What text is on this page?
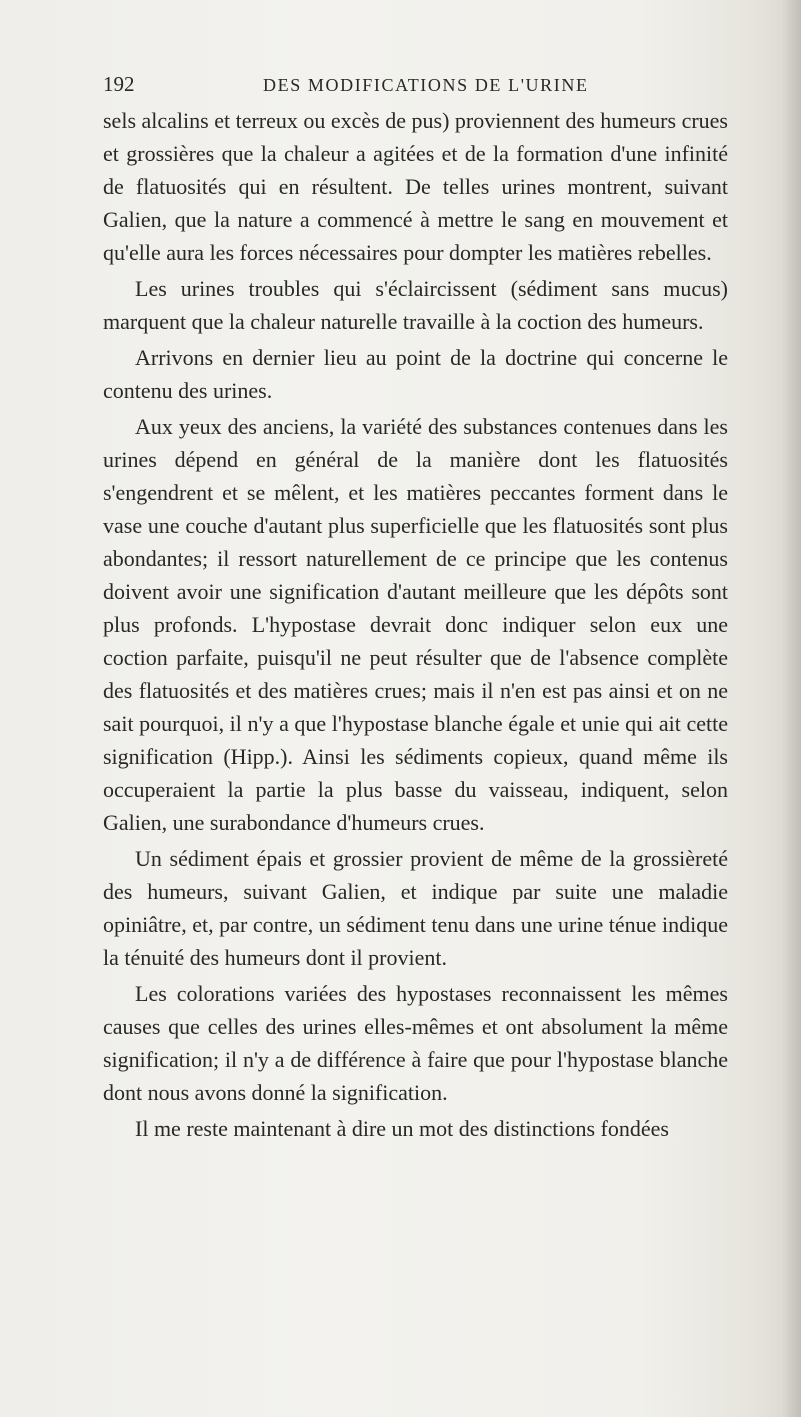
192	DES MODIFICATIONS DE L'URINE

sels alcalins et terreux ou excès de pus) proviennent des humeurs crues et grossières que la chaleur a agitées et de la formation d'une infinité de flatuosités qui en résultent. De telles urines montrent, suivant Galien, que la nature a commencé à mettre le sang en mouvement et qu'elle aura les forces nécessaires pour dompter les matières rebelles.

Les urines troubles qui s'éclaircissent (sédiment sans mucus) marquent que la chaleur naturelle travaille à la coction des humeurs.

Arrivons en dernier lieu au point de la doctrine qui concerne le contenu des urines.

Aux yeux des anciens, la variété des substances contenues dans les urines dépend en général de la manière dont les flatuosités s'engendrent et se mêlent, et les matières peccantes forment dans le vase une couche d'autant plus superficielle que les flatuosités sont plus abondantes; il ressort naturellement de ce principe que les contenus doivent avoir une signification d'autant meilleure que les dépôts sont plus profonds. L'hypostase devrait donc indiquer selon eux une coction parfaite, puisqu'il ne peut résulter que de l'absence complète des flatuosités et des matières crues; mais il n'en est pas ainsi et on ne sait pourquoi, il n'y a que l'hypostase blanche égale et unie qui ait cette signification (Hipp.). Ainsi les sédiments copieux, quand même ils occuperaient la partie la plus basse du vaisseau, indiquent, selon Galien, une surabondance d'humeurs crues.

Un sédiment épais et grossier provient de même de la grossièreté des humeurs, suivant Galien, et indique par suite une maladie opiniâtre, et, par contre, un sédiment tenu dans une urine ténue indique la ténuité des humeurs dont il provient.

Les colorations variées des hypostases reconnaissent les mêmes causes que celles des urines elles-mêmes et ont absolument la même signification; il n'y a de différence à faire que pour l'hypostase blanche dont nous avons donné la signification.

Il me reste maintenant à dire un mot des distinctions fondées
